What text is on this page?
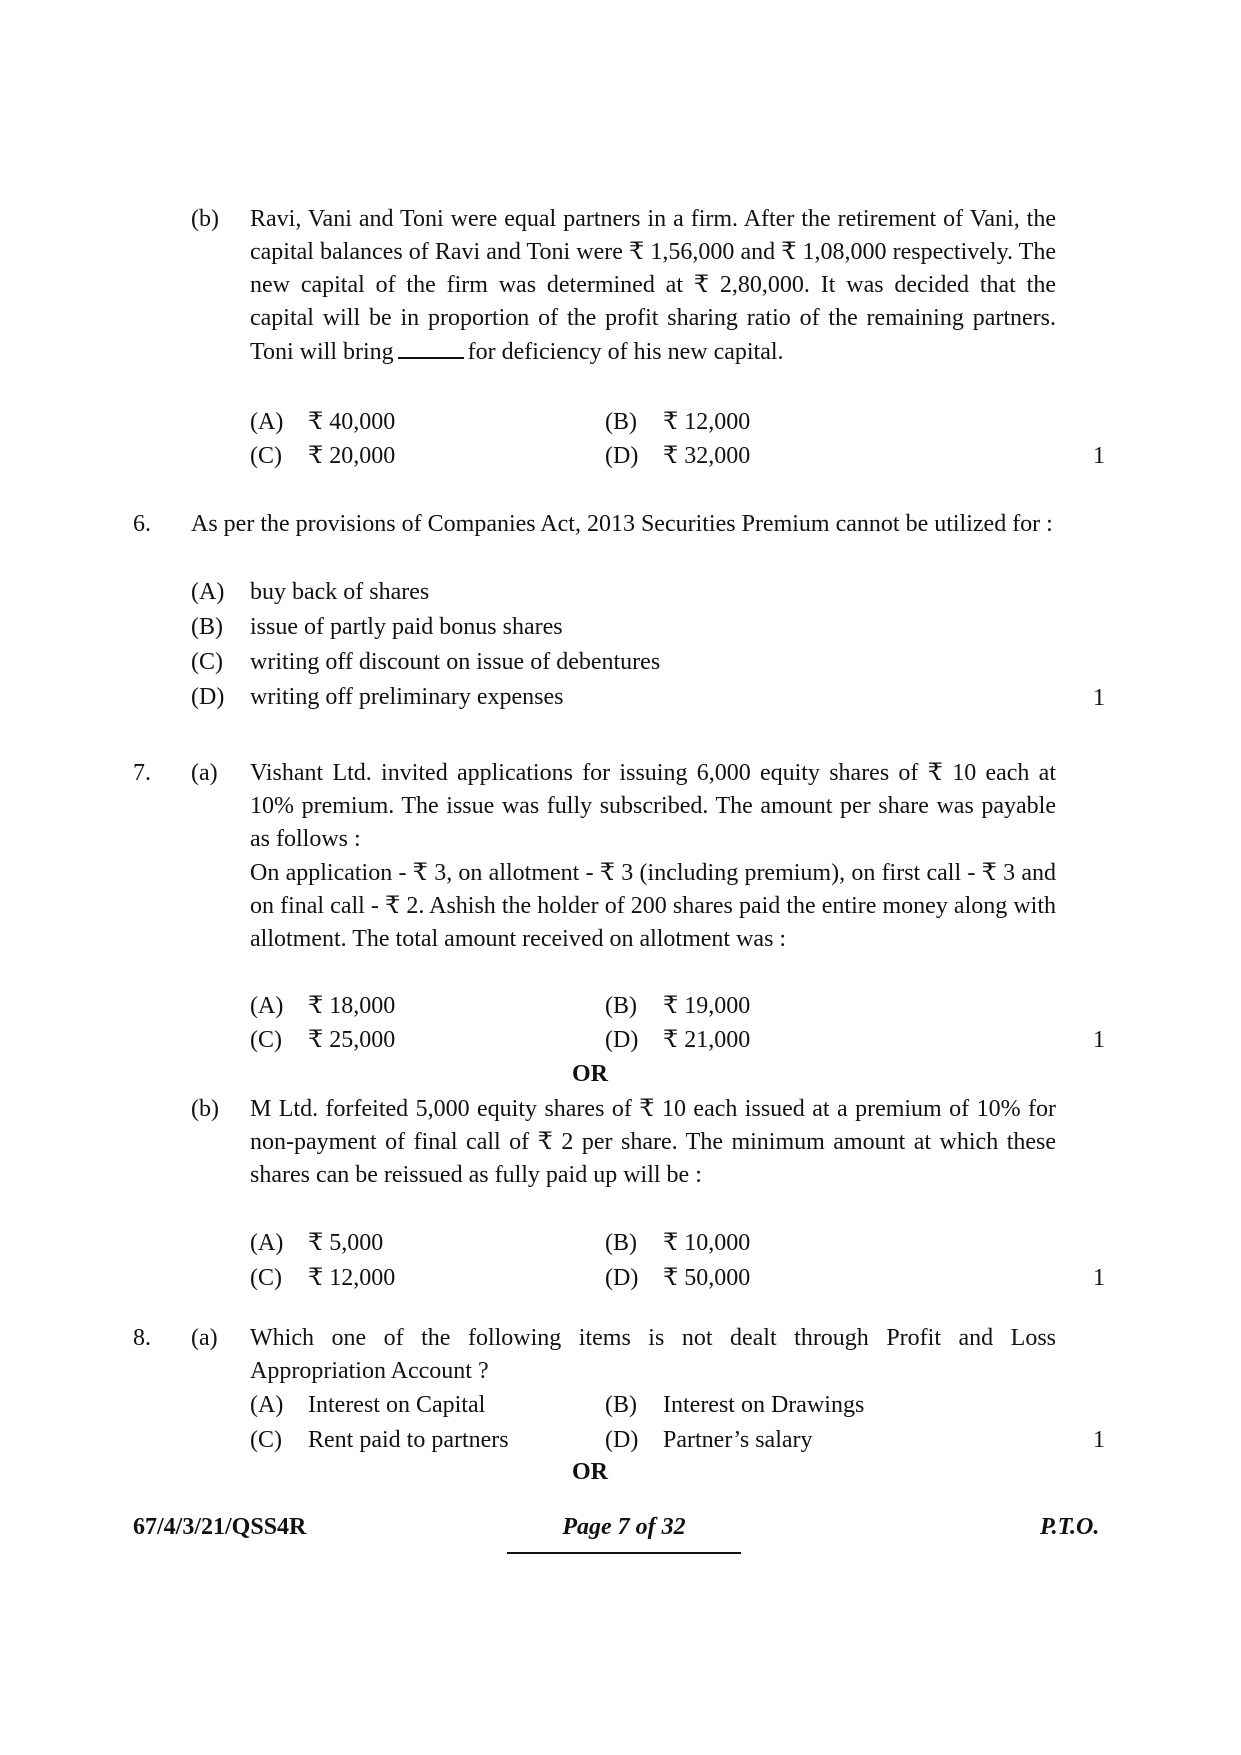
(b) Ravi, Vani and Toni were equal partners in a firm. After the retirement of Vani, the capital balances of Ravi and Toni were ₹ 1,56,000 and ₹ 1,08,000 respectively. The new capital of the firm was determined at ₹ 2,80,000. It was decided that the capital will be in proportion of the profit sharing ratio of the remaining partners. Toni will bring	for deficiency of his new capital.
(A) ₹ 40,000	(B) ₹ 12,000
(C) ₹ 20,000	(D) ₹ 32,000	1
6. As per the provisions of Companies Act, 2013 Securities Premium cannot be utilized for :
(A) buy back of shares
(B) issue of partly paid bonus shares
(C) writing off discount on issue of debentures
(D) writing off preliminary expenses	1
7. (a) Vishant Ltd. invited applications for issuing 6,000 equity shares of ₹ 10 each at 10% premium. The issue was fully subscribed. The amount per share was payable as follows :
On application - ₹ 3, on allotment - ₹ 3 (including premium), on first call - ₹ 3 and on final call - ₹ 2. Ashish the holder of 200 shares paid the entire money along with allotment. The total amount received on allotment was :
(A) ₹ 18,000	(B) ₹ 19,000
(C) ₹ 25,000	(D) ₹ 21,000	1
OR
(b) M Ltd. forfeited 5,000 equity shares of ₹ 10 each issued at a premium of 10% for non-payment of final call of ₹ 2 per share. The minimum amount at which these shares can be reissued as fully paid up will be :
(A) ₹ 5,000	(B) ₹ 10,000
(C) ₹ 12,000	(D) ₹ 50,000	1
8. (a) Which one of the following items is not dealt through Profit and Loss Appropriation Account ?
(A) Interest on Capital	(B) Interest on Drawings
(C) Rent paid to partners	(D) Partner’s salary	1
OR
67/4/3/21/QSS4R	Page 7 of 32	P.T.O.
